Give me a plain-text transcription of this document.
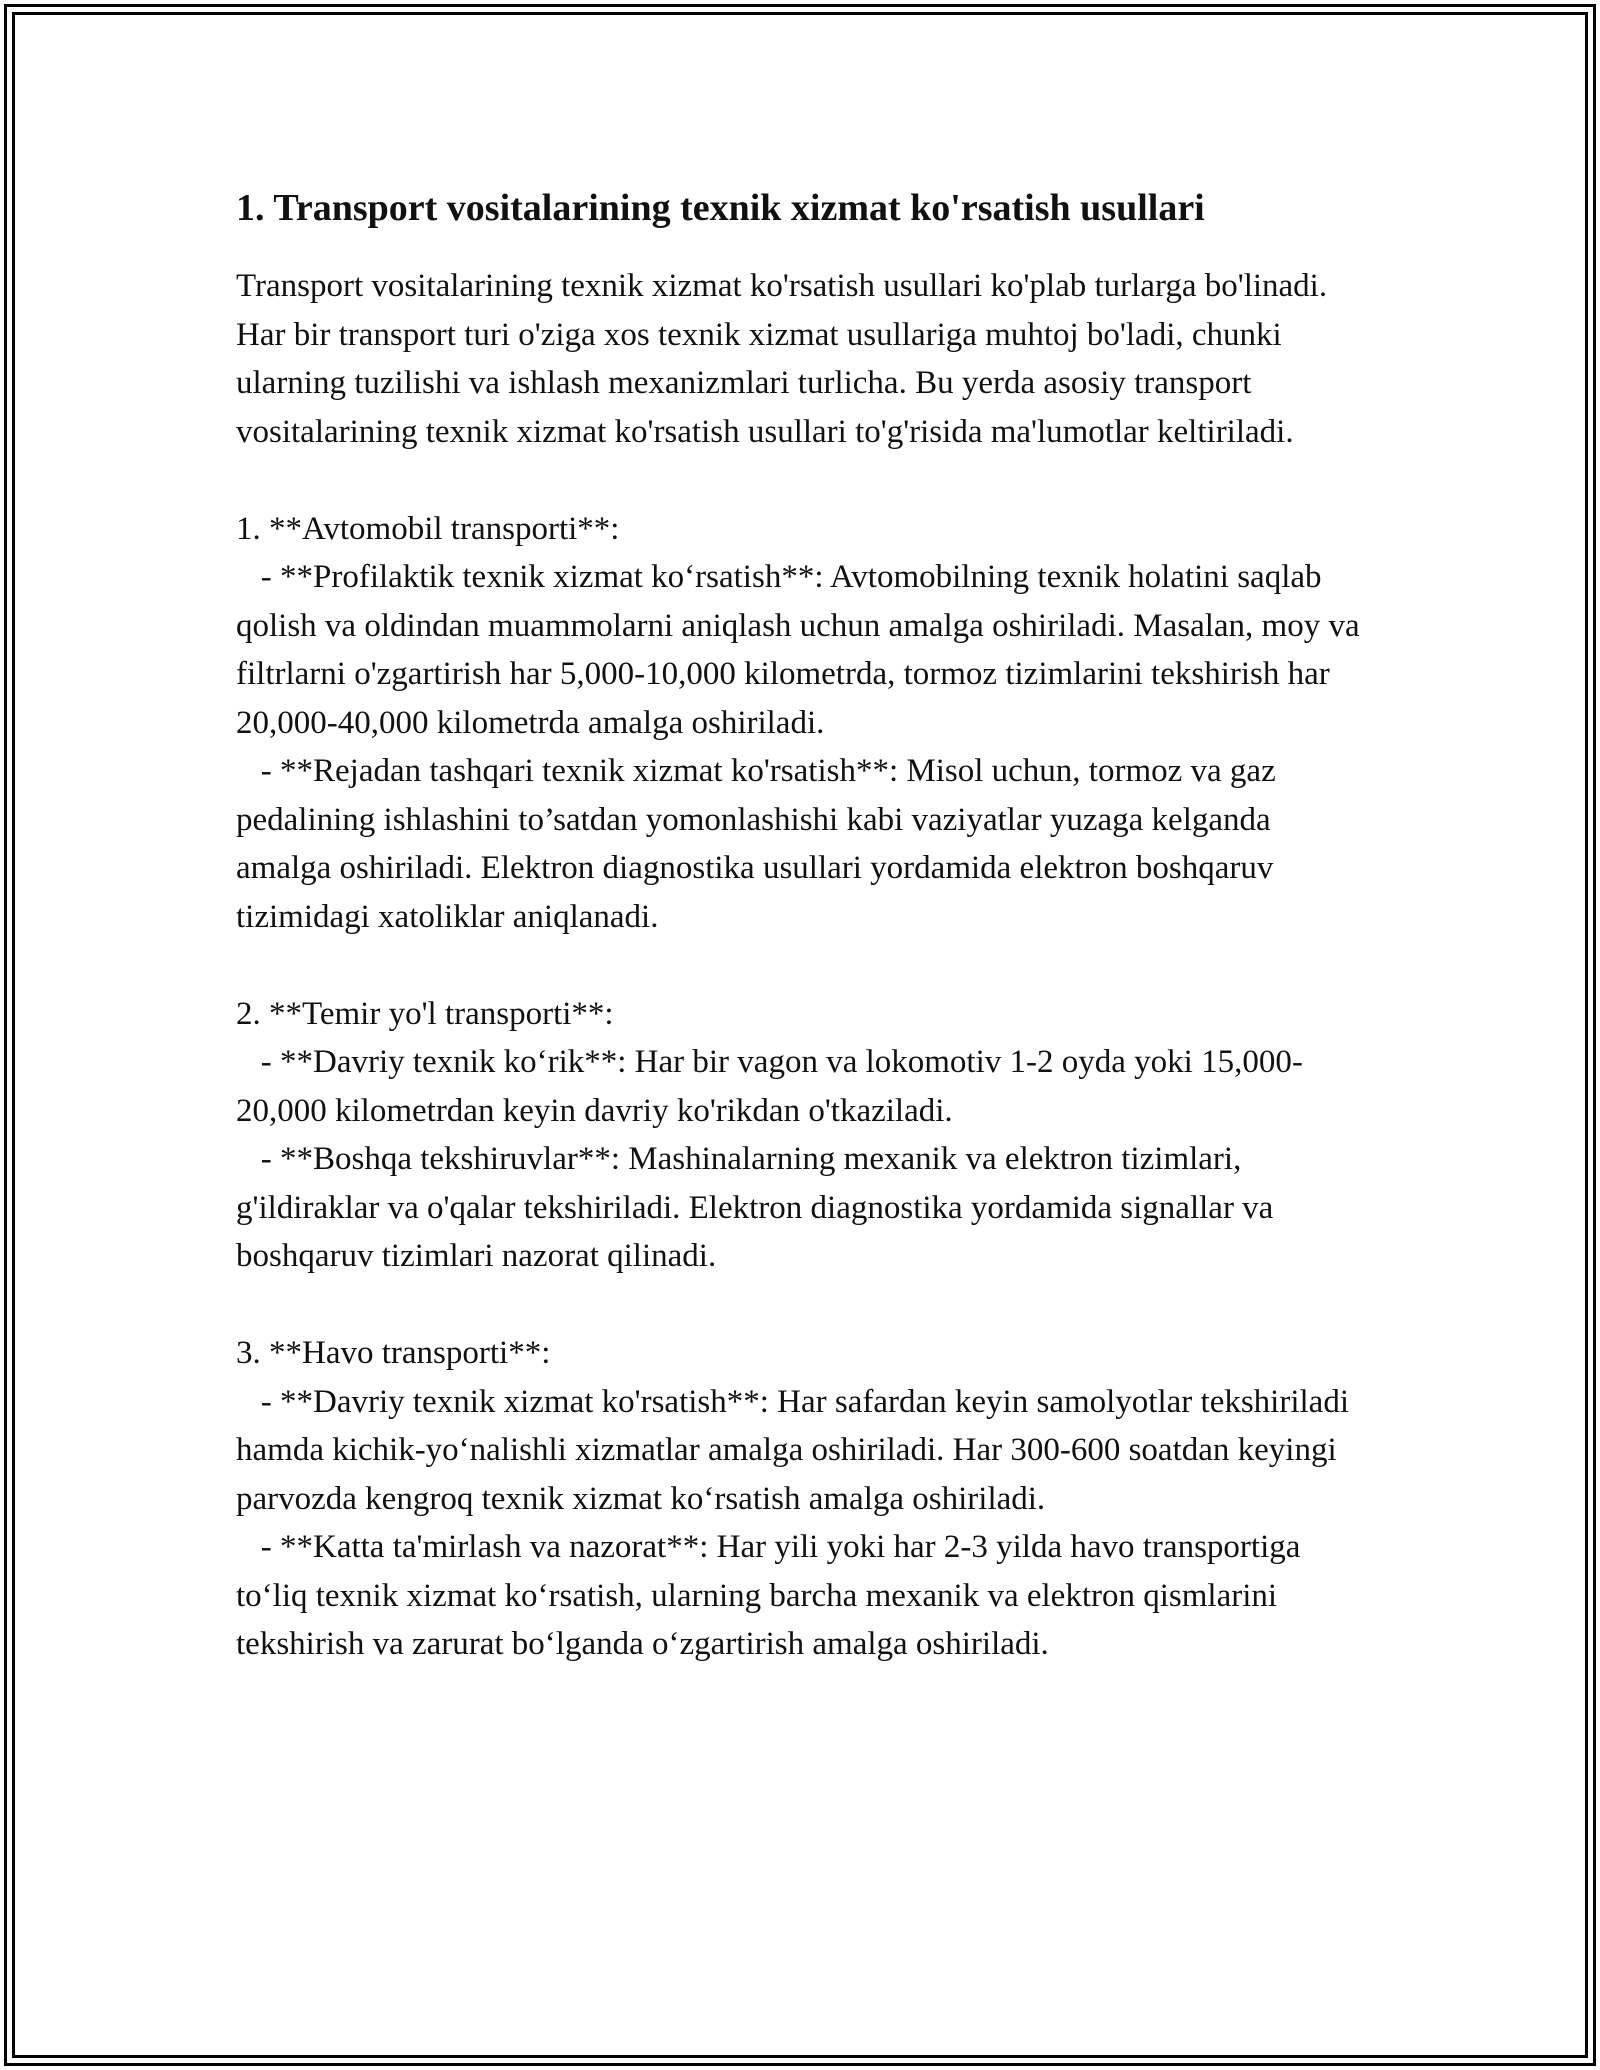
1. Transport vositalarining texnik xizmat ko'rsatish usullari

Transport vositalarining texnik xizmat ko'rsatish usullari ko'plab turlarga bo'linadi. Har bir transport turi o'ziga xos texnik xizmat usullariga muhtoj bo'ladi, chunki ularning tuzilishi va ishlash mexanizmlari turlicha. Bu yerda asosiy transport vositalarining texnik xizmat ko'rsatish usullari to'g'risida ma'lumotlar keltiriladi.

1. **Avtomobil transporti**:

- **Profilaktik texnik xizmat ko‘rsatish**: Avtomobilning texnik holatini saqlab qolish va oldindan muammolarni aniqlash uchun amalga oshiriladi. Masalan, moy va filtrlarni o'zgartirish har 5,000-10,000 kilometrda, tormoz tizimlarini tekshirish har 20,000-40,000 kilometrda amalga oshiriladi.

- **Rejadan tashqari texnik xizmat ko'rsatish**: Misol uchun, tormoz va gaz pedalining ishlashini to’satdan yomonlashishi kabi vaziyatlar yuzaga kelganda amalga oshiriladi. Elektron diagnostika usullari yordamida elektron boshqaruv tizimidagi xatoliklar aniqlanadi.

2. **Temir yo'l transporti**:

- **Davriy texnik ko‘rik**: Har bir vagon va lokomotiv 1-2 oyda yoki 15,000-20,000 kilometrdan keyin davriy ko'rikdan o'tkaziladi.

- **Boshqa tekshiruvlar**: Mashinalarning mexanik va elektron tizimlari, g'ildiraklar va o'qalar tekshiriladi. Elektron diagnostika yordamida signallar va boshqaruv tizimlari nazorat qilinadi.

3. **Havo transporti**:

- **Davriy texnik xizmat ko'rsatish**: Har safardan keyin samolyotlar tekshiriladi hamda kichik-yo‘nalishli xizmatlar amalga oshiriladi. Har 300-600 soatdan keyingi parvozda kengroq texnik xizmat ko‘rsatish amalga oshiriladi.

- **Katta ta'mirlash va nazorat**: Har yili yoki har 2-3 yilda havo transportiga to‘liq texnik xizmat ko‘rsatish, ularning barcha mexanik va elektron qismlarini tekshirish va zarurat bo‘lganda o‘zgartirish amalga oshiriladi.
